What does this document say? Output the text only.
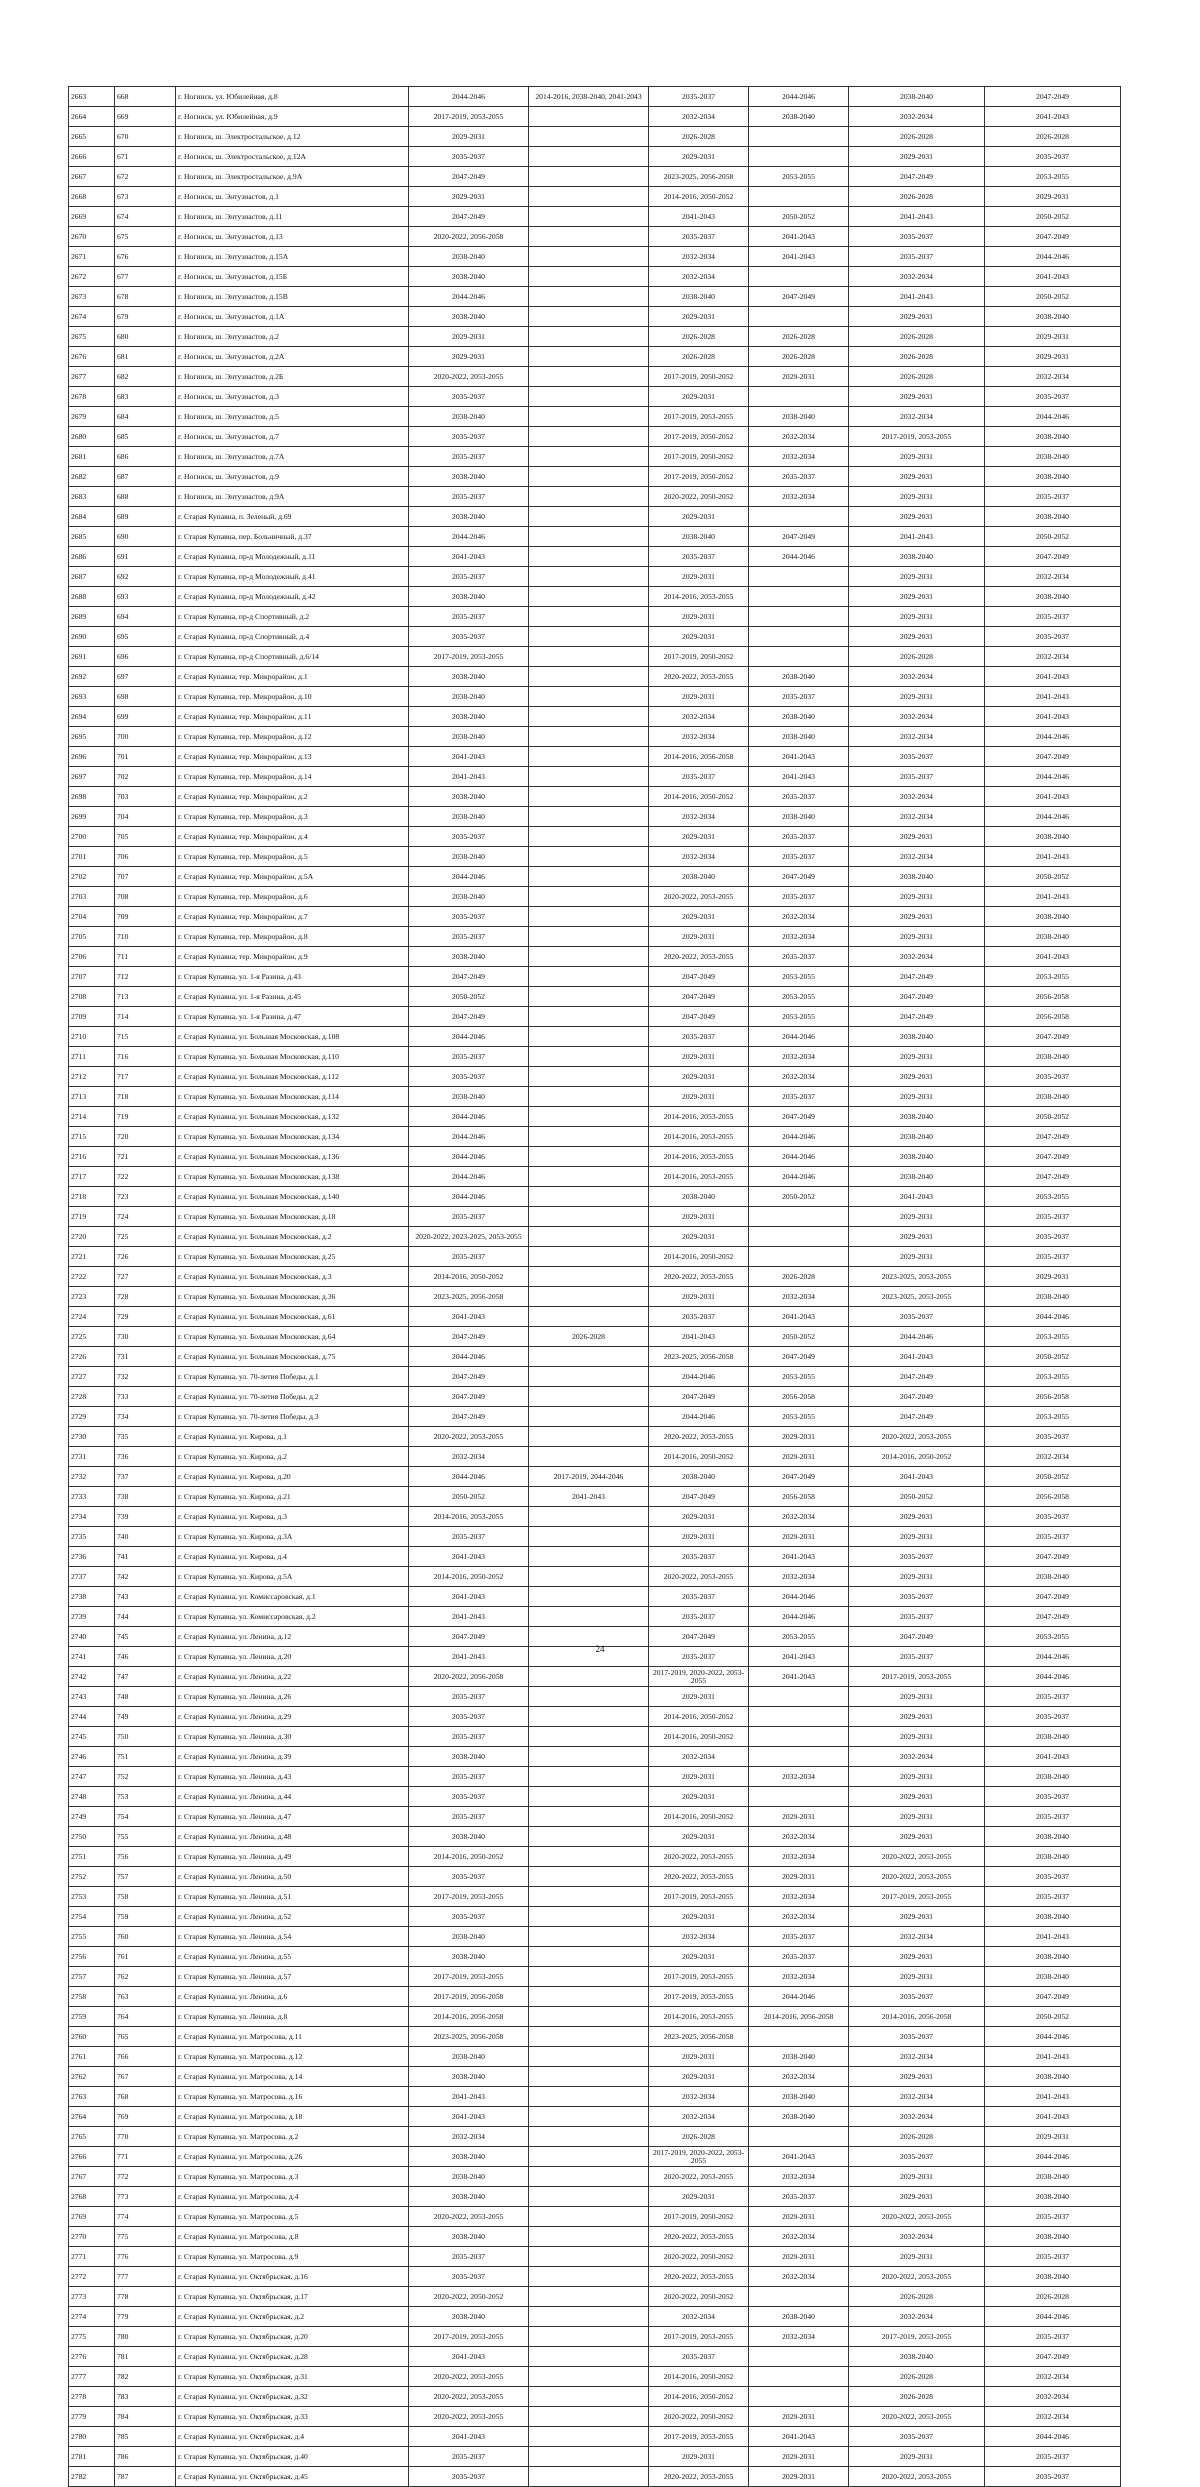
2663	668	г. Ногинск, ул. Юбилейная, д.8	2044-2046	2014-2016, 2038-2040, 2041-2043	2035-2037	2044-2046	2038-2040	2047-2049
2664	669	г. Ногинск, ул. Юбилейная, д.9	2017-2019, 2053-2055		2032-2034	2038-2040	2032-2034	2041-2043
2665	670	г. Ногинск, ш. Электростальское, д.12	2029-2031		2026-2028		2026-2028	2026-2028
2666	671	г. Ногинск, ш. Электростальское, д.12А	2035-2037		2029-2031		2029-2031	2035-2037
2667	672	г. Ногинск, ш. Электростальское, д.9А	2047-2049		2023-2025, 2056-2058	2053-2055	2047-2049	2053-2055
2668	673	г. Ногинск, ш. Энтузиастов, д.1	2029-2031		2014-2016, 2050-2052		2026-2028	2029-2031
2669	674	г. Ногинск, ш. Энтузиастов, д.11	2047-2049		2041-2043	2050-2052	2041-2043	2050-2052
2670	675	г. Ногинск, ш. Энтузиастов, д.13	2020-2022, 2056-2058		2035-2037	2041-2043	2035-2037	2047-2049
2671	676	г. Ногинск, ш. Энтузиастов, д.15А	2038-2040		2032-2034	2041-2043	2035-2037	2044-2046
2672	677	г. Ногинск, ш. Энтузиастов, д.15Б	2038-2040		2032-2034		2032-2034	2041-2043
2673	678	г. Ногинск, ш. Энтузиастов, д.15В	2044-2046		2038-2040	2047-2049	2041-2043	2050-2052
2674	679	г. Ногинск, ш. Энтузиастов, д.1А	2038-2040		2029-2031		2029-2031	2038-2040
2675	680	г. Ногинск, ш. Энтузиастов, д.2	2029-2031		2026-2028	2026-2028	2026-2028	2029-2031
2676	681	г. Ногинск, ш. Энтузиастов, д.2А	2029-2031		2026-2028	2026-2028	2026-2028	2029-2031
2677	682	г. Ногинск, ш. Энтузиастов, д.2Б	2020-2022, 2053-2055		2017-2019, 2050-2052	2029-2031	2026-2028	2032-2034
2678	683	г. Ногинск, ш. Энтузиастов, д.3	2035-2037		2029-2031		2029-2031	2035-2037
2679	684	г. Ногинск, ш. Энтузиастов, д.5	2038-2040		2017-2019, 2053-2055	2038-2040	2032-2034	2044-2046
2680	685	г. Ногинск, ш. Энтузиастов, д.7	2035-2037		2017-2019, 2050-2052	2032-2034	2017-2019, 2053-2055	2038-2040
2681	686	г. Ногинск, ш. Энтузиастов, д.7А	2035-2037		2017-2019, 2050-2052	2032-2034	2029-2031	2038-2040
2682	687	г. Ногинск, ш. Энтузиастов, д.9	2038-2040		2017-2019, 2050-2052	2035-2037	2029-2031	2038-2040
2683	688	г. Ногинск, ш. Энтузиастов, д.9А	2035-2037		2020-2022, 2050-2052	2032-2034	2029-2031	2035-2037
2684	689	г. Старая Купавна, п. Зеленый, д.69	2038-2040		2029-2031		2029-2031	2038-2040
2685	690	г. Старая Купавна, пер. Больничный, д.37	2044-2046		2038-2040	2047-2049	2041-2043	2050-2052
2686	691	г. Старая Купавна, пр-д Молодежный, д.11	2041-2043		2035-2037	2044-2046	2038-2040	2047-2049
2687	692	г. Старая Купавна, пр-д Молодежный, д.41	2035-2037		2029-2031		2029-2031	2032-2034
2688	693	г. Старая Купавна, пр-д Молодежный, д.42	2038-2040		2014-2016, 2053-2055		2029-2031	2038-2040
2689	694	г. Старая Купавна, пр-д Спортивный, д.2	2035-2037		2029-2031		2029-2031	2035-2037
2690	695	г. Старая Купавна, пр-д Спортивный, д.4	2035-2037		2029-2031		2029-2031	2035-2037
2691	696	г. Старая Купавна, пр-д Спортивный, д.6/14	2017-2019, 2053-2055		2017-2019, 2050-2052		2026-2028	2032-2034
2692	697	г. Старая Купавна, тер. Микрорайон, д.1	2038-2040		2020-2022, 2053-2055	2038-2040	2032-2034	2041-2043
2693	698	г. Старая Купавна, тер. Микрорайон, д.10	2038-2040		2029-2031	2035-2037	2029-2031	2041-2043
2694	699	г. Старая Купавна, тер. Микрорайон, д.11	2038-2040		2032-2034	2038-2040	2032-2034	2041-2043
2695	700	г. Старая Купавна, тер. Микрорайон, д.12	2038-2040		2032-2034	2038-2040	2032-2034	2044-2046
2696	701	г. Старая Купавна, тер. Микрорайон, д.13	2041-2043		2014-2016, 2056-2058	2041-2043	2035-2037	2047-2049
2697	702	г. Старая Купавна, тер. Микрорайон, д.14	2041-2043		2035-2037	2041-2043	2035-2037	2044-2046
2698	703	г. Старая Купавна, тер. Микрорайон, д.2	2038-2040		2014-2016, 2050-2052	2035-2037	2032-2034	2041-2043
2699	704	г. Старая Купавна, тер. Микрорайон, д.3	2038-2040		2032-2034	2038-2040	2032-2034	2044-2046
2700	705	г. Старая Купавна, тер. Микрорайон, д.4	2035-2037		2029-2031	2035-2037	2029-2031	2038-2040
2701	706	г. Старая Купавна, тер. Микрорайон, д.5	2038-2040		2032-2034	2035-2037	2032-2034	2041-2043
2702	707	г. Старая Купавна, тер. Микрорайон, д.5А	2044-2046		2038-2040	2047-2049	2038-2040	2050-2052
2703	708	г. Старая Купавна, тер. Микрорайон, д.6	2038-2040		2020-2022, 2053-2055	2035-2037	2029-2031	2041-2043
2704	709	г. Старая Купавна, тер. Микрорайон, д.7	2035-2037		2029-2031	2032-2034	2029-2031	2038-2040
2705	710	г. Старая Купавна, тер. Микрорайон, д.8	2035-2037		2029-2031	2032-2034	2029-2031	2038-2040
2706	711	г. Старая Купавна, тер. Микрорайон, д.9	2038-2040		2020-2022, 2053-2055	2035-2037	2032-2034	2041-2043
2707	712	г. Старая Купавна, ул. 1-я Разина, д.43	2047-2049		2047-2049	2053-2055	2047-2049	2053-2055
2708	713	г. Старая Купавна, ул. 1-я Разина, д.45	2050-2052		2047-2049	2053-2055	2047-2049	2056-2058
2709	714	г. Старая Купавна, ул. 1-я Разина, д.47	2047-2049		2047-2049	2053-2055	2047-2049	2056-2058
2710	715	г. Старая Купавна, ул. Большая Московская, д.108	2044-2046		2035-2037	2044-2046	2038-2040	2047-2049
2711	716	г. Старая Купавна, ул. Большая Московская, д.110	2035-2037		2029-2031	2032-2034	2029-2031	2038-2040
2712	717	г. Старая Купавна, ул. Большая Московская, д.112	2035-2037		2029-2031	2032-2034	2029-2031	2035-2037
2713	718	г. Старая Купавна, ул. Большая Московская, д.114	2038-2040		2029-2031	2035-2037	2029-2031	2038-2040
2714	719	г. Старая Купавна, ул. Большая Московская, д.132	2044-2046		2014-2016, 2053-2055	2047-2049	2038-2040	2050-2052
2715	720	г. Старая Купавна, ул. Большая Московская, д.134	2044-2046		2014-2016, 2053-2055	2044-2046	2038-2040	2047-2049
2716	721	г. Старая Купавна, ул. Большая Московская, д.136	2044-2046		2014-2016, 2053-2055	2044-2046	2038-2040	2047-2049
2717	722	г. Старая Купавна, ул. Большая Московская, д.138	2044-2046		2014-2016, 2053-2055	2044-2046	2038-2040	2047-2049
2718	723	г. Старая Купавна, ул. Большая Московская, д.140	2044-2046		2038-2040	2050-2052	2041-2043	2053-2055
2719	724	г. Старая Купавна, ул. Большая Московская, д.18	2035-2037		2029-2031		2029-2031	2035-2037
2720	725	г. Старая Купавна, ул. Большая Московская, д.2	2020-2022, 2023-2025, 2053-2055		2029-2031		2029-2031	2035-2037
2721	726	г. Старая Купавна, ул. Большая Московская, д.25	2035-2037		2014-2016, 2050-2052		2029-2031	2035-2037
2722	727	г. Старая Купавна, ул. Большая Московская, д.3	2014-2016, 2050-2052		2020-2022, 2053-2055	2026-2028	2023-2025, 2053-2055	2029-2031
2723	728	г. Старая Купавна, ул. Большая Московская, д.36	2023-2025, 2056-2058		2029-2031	2032-2034	2023-2025, 2053-2055	2038-2040
2724	729	г. Старая Купавна, ул. Большая Московская, д.61	2041-2043		2035-2037	2041-2043	2035-2037	2044-2046
2725	730	г. Старая Купавна, ул. Большая Московская, д.64	2047-2049	2026-2028	2041-2043	2050-2052	2044-2046	2053-2055
2726	731	г. Старая Купавна, ул. Большая Московская, д.75	2044-2046		2023-2025, 2056-2058	2047-2049	2041-2043	2050-2052
2727	732	г. Старая Купавна, ул. 70-летия Победы, д.1	2047-2049		2044-2046	2053-2055	2047-2049	2053-2055
2728	733	г. Старая Купавна, ул. 70-летия Победы, д.2	2047-2049		2047-2049	2056-2058	2047-2049	2056-2058
2729	734	г. Старая Купавна, ул. 70-летия Победы, д.3	2047-2049		2044-2046	2053-2055	2047-2049	2053-2055
2730	735	г. Старая Купавна, ул. Кирова, д.1	2020-2022, 2053-2055		2020-2022, 2053-2055	2029-2031	2020-2022, 2053-2055	2035-2037
2731	736	г. Старая Купавна, ул. Кирова, д.2	2032-2034		2014-2016, 2050-2052	2029-2031	2014-2016, 2050-2052	2032-2034
2732	737	г. Старая Купавна, ул. Кирова, д.20	2044-2046	2017-2019, 2044-2046	2038-2040	2047-2049	2041-2043	2050-2052
2733	738	г. Старая Купавна, ул. Кирова, д.21	2050-2052	2041-2043	2047-2049	2056-2058	2050-2052	2056-2058
2734	739	г. Старая Купавна, ул. Кирова, д.3	2014-2016, 2053-2055		2029-2031	2032-2034	2029-2031	2035-2037
2735	740	г. Старая Купавна, ул. Кирова, д.3А	2035-2037		2029-2031	2029-2031	2029-2031	2035-2037
2736	741	г. Старая Купавна, ул. Кирова, д.4	2041-2043		2035-2037	2041-2043	2035-2037	2047-2049
2737	742	г. Старая Купавна, ул. Кирова, д.5А	2014-2016, 2050-2052		2020-2022, 2053-2055	2032-2034	2029-2031	2038-2040
2738	743	г. Старая Купавна, ул. Комиссаровская, д.1	2041-2043		2035-2037	2044-2046	2035-2037	2047-2049
2739	744	г. Старая Купавна, ул. Комиссаровская, д.2	2041-2043		2035-2037	2044-2046	2035-2037	2047-2049
2740	745	г. Старая Купавна, ул. Ленина, д.12	2047-2049		2047-2049	2053-2055	2047-2049	2053-2055
2741	746	г. Старая Купавна, ул. Ленина, д.20	2041-2043		2035-2037	2041-2043	2035-2037	2044-2046
2742	747	г. Старая Купавна, ул. Ленина, д.22	2020-2022, 2056-2058		2017-2019, 2020-2022, 2053-2055	2041-2043	2017-2019, 2053-2055	2044-2046
2743	748	г. Старая Купавна, ул. Ленина, д.26	2035-2037		2029-2031		2029-2031	2035-2037
2744	749	г. Старая Купавна, ул. Ленина, д.29	2035-2037		2014-2016, 2050-2052		2029-2031	2035-2037
2745	750	г. Старая Купавна, ул. Ленина, д.30	2035-2037		2014-2016, 2050-2052		2029-2031	2038-2040
2746	751	г. Старая Купавна, ул. Ленина, д.39	2038-2040		2032-2034		2032-2034	2041-2043
2747	752	г. Старая Купавна, ул. Ленина, д.43	2035-2037		2029-2031	2032-2034	2029-2031	2038-2040
2748	753	г. Старая Купавна, ул. Ленина, д.44	2035-2037		2029-2031		2029-2031	2035-2037
2749	754	г. Старая Купавна, ул. Ленина, д.47	2035-2037		2014-2016, 2050-2052	2029-2031	2029-2031	2035-2037
2750	755	г. Старая Купавна, ул. Ленина, д.48	2038-2040		2029-2031	2032-2034	2029-2031	2038-2040
2751	756	г. Старая Купавна, ул. Ленина, д.49	2014-2016, 2050-2052		2020-2022, 2053-2055	2032-2034	2020-2022, 2053-2055	2038-2040
2752	757	г. Старая Купавна, ул. Ленина, д.50	2035-2037		2020-2022, 2053-2055	2029-2031	2020-2022, 2053-2055	2035-2037
2753	758	г. Старая Купавна, ул. Ленина, д.51	2017-2019, 2053-2055		2017-2019, 2053-2055	2032-2034	2017-2019, 2053-2055	2035-2037
2754	759	г. Старая Купавна, ул. Ленина, д.52	2035-2037		2029-2031	2032-2034	2029-2031	2038-2040
2755	760	г. Старая Купавна, ул. Ленина, д.54	2038-2040		2032-2034	2035-2037	2032-2034	2041-2043
2756	761	г. Старая Купавна, ул. Ленина, д.55	2038-2040		2029-2031	2035-2037	2029-2031	2038-2040
2757	762	г. Старая Купавна, ул. Ленина, д.57	2017-2019, 2053-2055		2017-2019, 2053-2055	2032-2034	2029-2031	2038-2040
2758	763	г. Старая Купавна, ул. Ленина, д.6	2017-2019, 2056-2058		2017-2019, 2053-2055	2044-2046	2035-2037	2047-2049
2759	764	г. Старая Купавна, ул. Ленина, д.8	2014-2016, 2056-2058		2014-2016, 2053-2055	2014-2016, 2056-2058	2014-2016, 2056-2058	2050-2052
2760	765	г. Старая Купавна, ул. Матросова, д.11	2023-2025, 2056-2058		2023-2025, 2056-2058		2035-2037	2044-2046
2761	766	г. Старая Купавна, ул. Матросова, д.12	2038-2040		2029-2031	2038-2040	2032-2034	2041-2043
2762	767	г. Старая Купавна, ул. Матросова, д.14	2038-2040		2029-2031	2032-2034	2029-2031	2038-2040
2763	768	г. Старая Купавна, ул. Матросова, д.16	2041-2043		2032-2034	2038-2040	2032-2034	2041-2043
2764	769	г. Старая Купавна, ул. Матросова, д.18	2041-2043		2032-2034	2038-2040	2032-2034	2041-2043
2765	770	г. Старая Купавна, ул. Матросова, д.2	2032-2034		2026-2028		2026-2028	2029-2031
2766	771	г. Старая Купавна, ул. Матросова, д.26	2038-2040		2017-2019, 2020-2022, 2053-2055	2041-2043	2035-2037	2044-2046
2767	772	г. Старая Купавна, ул. Матросова, д.3	2038-2040		2020-2022, 2053-2055	2032-2034	2029-2031	2038-2040
2768	773	г. Старая Купавна, ул. Матросова, д.4	2038-2040		2029-2031	2035-2037	2029-2031	2038-2040
2769	774	г. Старая Купавна, ул. Матросова, д.5	2020-2022, 2053-2055		2017-2019, 2050-2052	2029-2031	2020-2022, 2053-2055	2035-2037
2770	775	г. Старая Купавна, ул. Матросова, д.8	2038-2040		2020-2022, 2053-2055	2032-2034	2032-2034	2038-2040
2771	776	г. Старая Купавна, ул. Матросова, д.9	2035-2037		2020-2022, 2050-2052	2029-2031	2029-2031	2035-2037
2772	777	г. Старая Купавна, ул. Октябрьская, д.16	2035-2037		2020-2022, 2053-2055	2032-2034	2020-2022, 2053-2055	2038-2040
2773	778	г. Старая Купавна, ул. Октябрьская, д.17	2020-2022, 2050-2052		2020-2022, 2050-2052		2026-2028	2026-2028
2774	779	г. Старая Купавна, ул. Октябрьская, д.2	2038-2040		2032-2034	2038-2040	2032-2034	2044-2046
2775	780	г. Старая Купавна, ул. Октябрьская, д.20	2017-2019, 2053-2055		2017-2019, 2053-2055	2032-2034	2017-2019, 2053-2055	2035-2037
2776	781	г. Старая Купавна, ул. Октябрьская, д.28	2041-2043		2035-2037		2038-2040	2047-2049
2777	782	г. Старая Купавна, ул. Октябрьская, д.31	2020-2022, 2053-2055		2014-2016, 2050-2052		2026-2028	2032-2034
2778	783	г. Старая Купавна, ул. Октябрьская, д.32	2020-2022, 2053-2055		2014-2016, 2050-2052		2026-2028	2032-2034
2779	784	г. Старая Купавна, ул. Октябрьская, д.33	2020-2022, 2053-2055		2020-2022, 2050-2052	2029-2031	2020-2022, 2053-2055	2032-2034
2780	785	г. Старая Купавна, ул. Октябрьская, д.4	2041-2043		2017-2019, 2053-2055	2041-2043	2035-2037	2044-2046
2781	786	г. Старая Купавна, ул. Октябрьская, д.40	2035-2037		2029-2031	2029-2031	2029-2031	2035-2037
2782	787	г. Старая Купавна, ул. Октябрьская, д.45	2035-2037		2020-2022, 2053-2055	2029-2031	2020-2022, 2053-2055	2035-2037
24
